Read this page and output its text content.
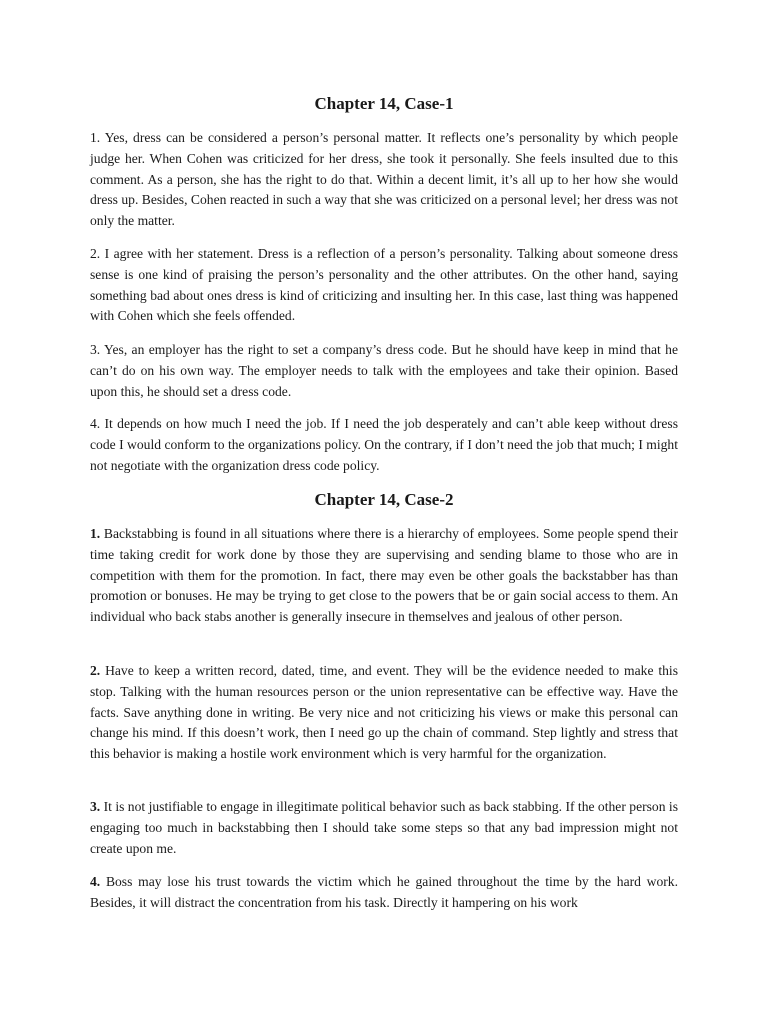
Chapter 14, Case-1

1. Yes, dress can be considered a person’s personal matter. It reflects one’s personality by which people judge her. When Cohen was criticized for her dress, she took it personally. She feels insulted due to this comment. As a person, she has the right to do that. Within a decent limit, it’s all up to her how she would dress up. Besides, Cohen reacted in such a way that she was criticized on a personal level; her dress was not only the matter.

2. I agree with her statement. Dress is a reflection of a person’s personality. Talking about someone dress sense is one kind of praising the person’s personality and the other attributes. On the other hand, saying something bad about ones dress is kind of criticizing and insulting her. In this case, last thing was happened with Cohen which she feels offended.

3. Yes, an employer has the right to set a company’s dress code. But he should have keep in mind that he can’t do on his own way. The employer needs to talk with the employees and take their opinion. Based upon this, he should set a dress code.

4. It depends on how much I need the job. If I need the job desperately and can’t able keep without dress code I would conform to the organizations policy. On the contrary, if I don’t need the job that much; I might not negotiate with the organization dress code policy.

Chapter 14, Case-2

1. Backstabbing is found in all situations where there is a hierarchy of employees. Some people spend their time taking credit for work done by those they are supervising and sending blame to those who are in competition with them for the promotion. In fact, there may even be other goals the backstabber has than promotion or bonuses. He may be trying to get close to the powers that be or gain social access to them. An individual who back stabs another is generally insecure in themselves and jealous of other person.

2. Have to keep a written record, dated, time, and event. They will be the evidence needed to make this stop. Talking with the human resources person or the union representative can be effective way. Have the facts. Save anything done in writing. Be very nice and not criticizing his views or make this personal can change his mind. If this doesn’t work, then I need go up the chain of command. Step lightly and stress that this behavior is making a hostile work environment which is very harmful for the organization.

3. It is not justifiable to engage in illegitimate political behavior such as back stabbing. If the other person is engaging too much in backstabbing then I should take some steps so that any bad impression might not create upon me.

4. Boss may lose his trust towards the victim which he gained throughout the time by the hard work. Besides, it will distract the concentration from his task. Directly it hampering on his work
